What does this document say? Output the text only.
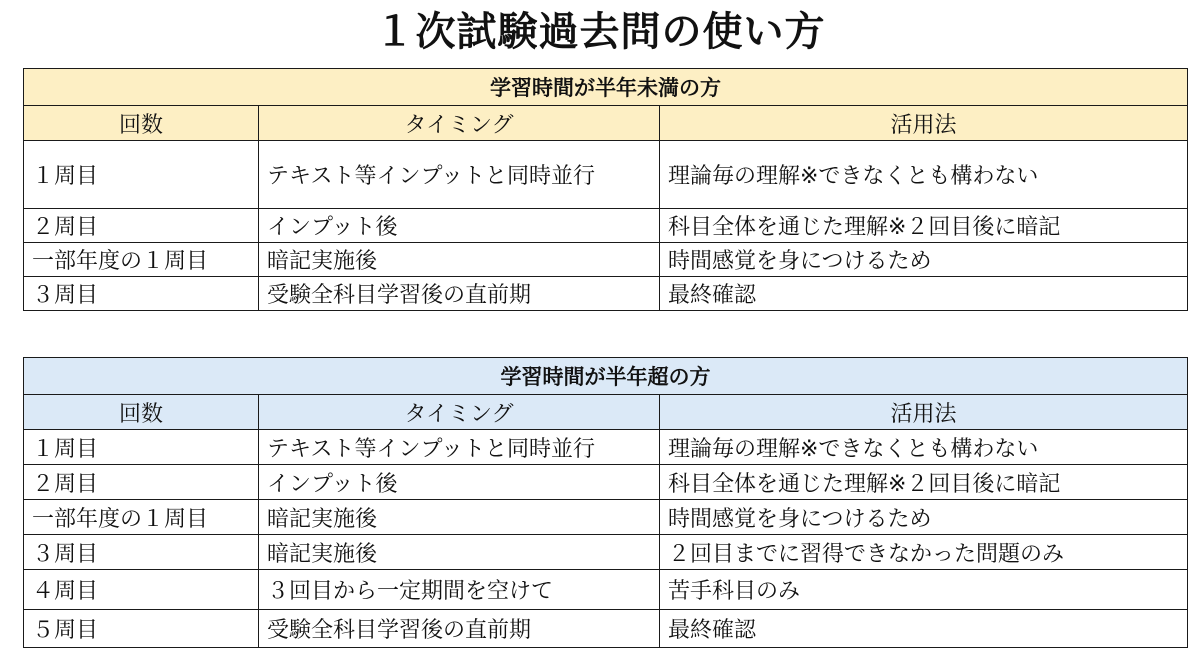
１次試験過去問の使い方
学習時間が半年未満の方		
回数	タイミング	活用法
１周目	テキスト等インプットと同時並行	理論毎の理解※できなくとも構わない
２周目	インプット後	科目全体を通じた理解※２回目後に暗記
一部年度の１周目	暗記実施後	時間感覚を身につけるため
３周目	受験全科目学習後の直前期	最終確認
学習時間が半年超の方		
回数	タイミング	活用法
１周目	テキスト等インプットと同時並行	理論毎の理解※できなくとも構わない
２周目	インプット後	科目全体を通じた理解※２回目後に暗記
一部年度の１周目	暗記実施後	時間感覚を身につけるため
３周目	暗記実施後	２回目までに習得できなかった問題のみ
４周目	３回目から一定期間を空けて	苦手科目のみ
５周目	受験全科目学習後の直前期	最終確認
